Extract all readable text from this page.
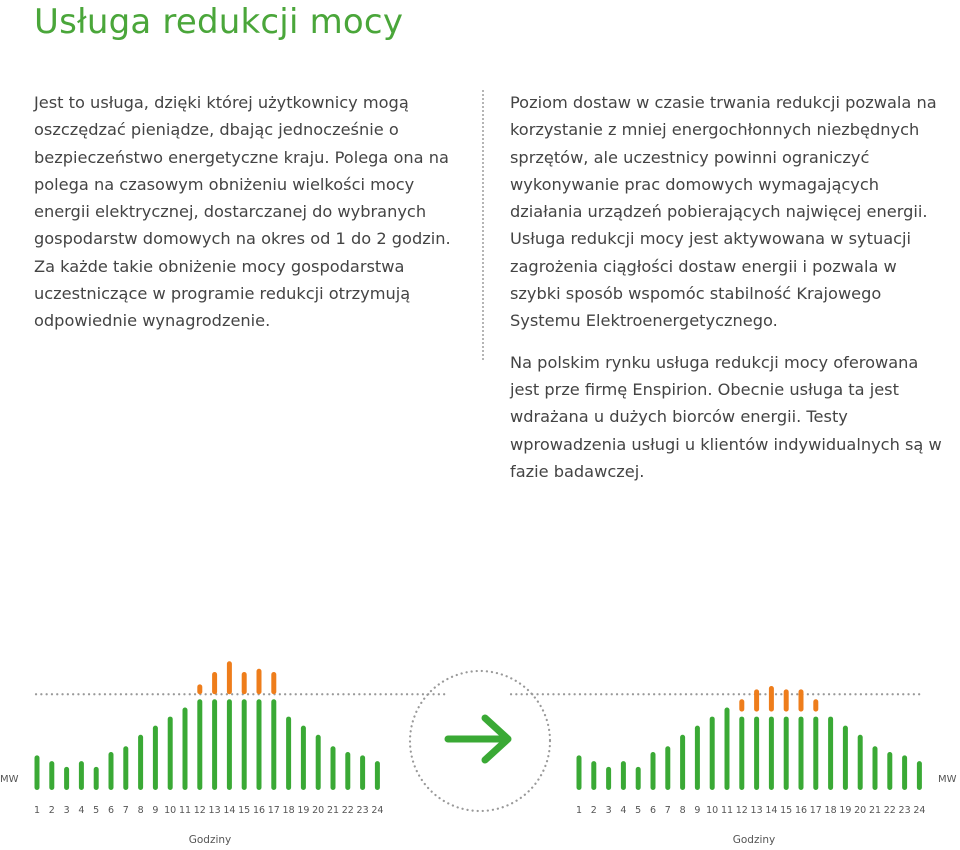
Usługa redukcji mocy

Jest to usługa, dzięki której użytkownicy mogą oszczędzać pieniądze, dbając jednocześnie o bezpieczeństwo energetyczne kraju. Polega ona na polega na czasowym obniżeniu wielkości mocy energii elektrycznej, dostarczanej do wybranych gospodarstw domowych na okres od 1 do 2 godzin. Za każde takie obniżenie mocy gospodarstwa uczestniczące w programie redukcji otrzymują odpowiednie wynagrodzenie.

Poziom dostaw w czasie trwania redukcji pozwala na korzystanie z mniej energochłonnych niezbędnych sprzętów, ale uczestnicy powinni ograniczyć wykonywanie prac domowych wymagających działania urządzeń pobierających najwięcej energii. Usługa redukcji mocy jest aktywowana w sytuacji zagrożenia ciągłości dostaw energii i pozwala w szybki sposób wspomóc stabilność Krajowego Systemu Elektroenergetycznego.

Na polskim rynku usługa redukcji mocy oferowana jest prze firmę Enspirion. Obecnie usługa ta jest wdrażana u dużych biorców energii. Testy wprowadzenia usługi u klientów indywidualnych są w fazie badawczej.

1 2 3 4 5 6 7 8 9 10 11 12 13 14 15 16 17 18 19 20 21 22 23 24
MW
Godziny
1 2 3 4 5 6 7 8 9 10 11 12 13 14 15 16 17 18 19 20 21 22 23 24
MW
Godziny
